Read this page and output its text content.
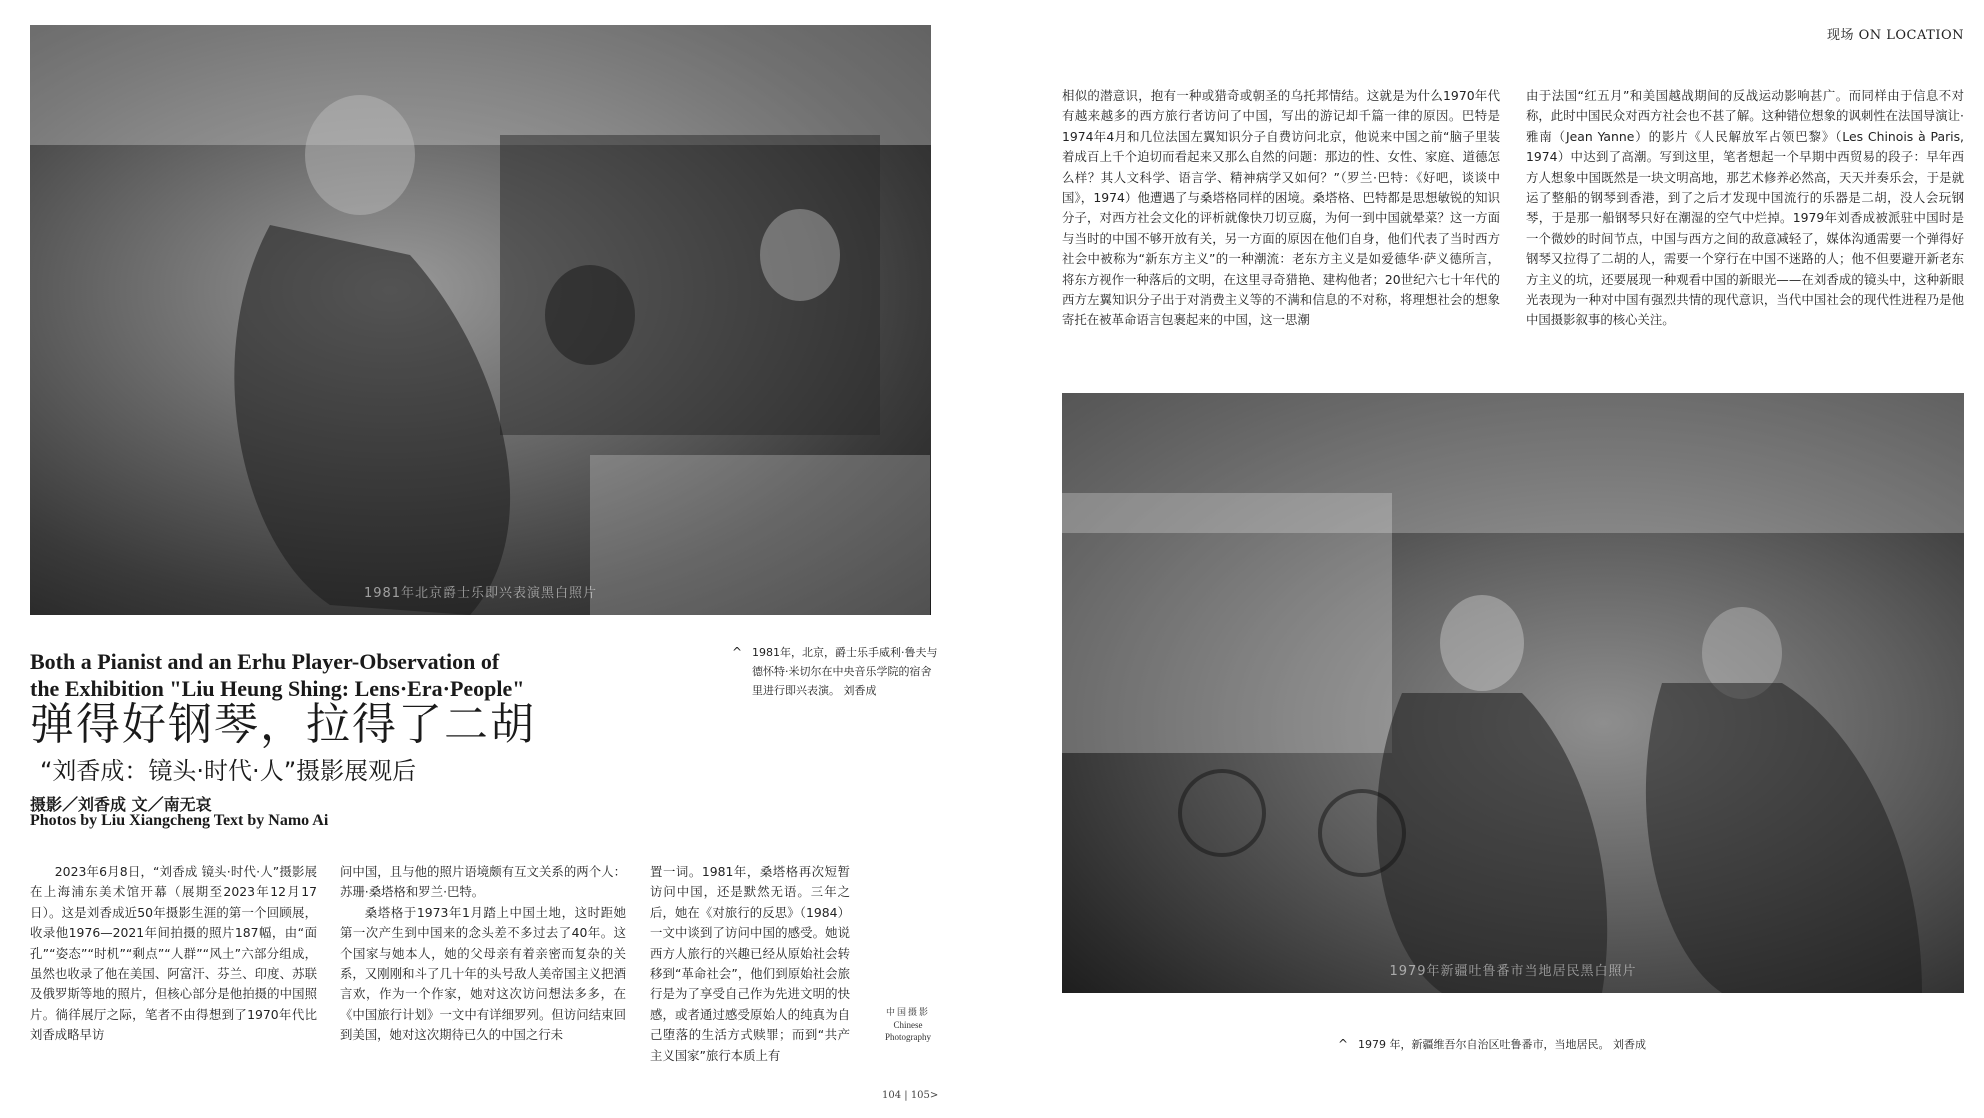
1981年北京爵士乐即兴表演黑白照片
现场 ON LOCATION

相似的潜意识，抱有一种或猎奇或朝圣的乌托邦情结。这就是为什么1970年代有越来越多的西方旅行者访问了中国，写出的游记却千篇一律的原因。巴特是1974年4月和几位法国左翼知识分子自费访问北京，他说来中国之前“脑子里装着成百上千个迫切而看起来又那么自然的问题：那边的性、女性、家庭、道德怎么样？其人文科学、语言学、精神病学又如何？”（罗兰·巴特：《好吧，谈谈中国》，1974）他遭遇了与桑塔格同样的困境。桑塔格、巴特都是思想敏锐的知识分子，对西方社会文化的评析就像快刀切豆腐，为何一到中国就晕菜？这一方面与当时的中国不够开放有关，另一方面的原因在他们自身，他们代表了当时西方社会中被称为“新东方主义”的一种潮流：老东方主义是如爱德华·萨义德所言，将东方视作一种落后的文明，在这里寻奇猎艳、建构他者；20世纪六七十年代的西方左翼知识分子出于对消费主义等的不满和信息的不对称，将理想社会的想象寄托在被革命语言包裹起来的中国，这一思潮

由于法国“红五月”和美国越战期间的反战运动影响甚广。而同样由于信息不对称，此时中国民众对西方社会也不甚了解。这种错位想象的讽刺性在法国导演让·雅南（Jean Yanne）的影片《人民解放军占领巴黎》（Les Chinois à Paris, 1974）中达到了高潮。写到这里，笔者想起一个早期中西贸易的段子：早年西方人想象中国既然是一块文明高地，那艺术修养必然高，天天并奏乐会，于是就运了整船的钢琴到香港，到了之后才发现中国流行的乐器是二胡，没人会玩钢琴，于是那一船钢琴只好在潮湿的空气中烂掉。1979年刘香成被派驻中国时是一个微妙的时间节点，中国与西方之间的敌意减轻了，媒体沟通需要一个弹得好钢琴又拉得了二胡的人，需要一个穿行在中国不迷路的人；他不但要避开新老东方主义的坑，还要展现一种观看中国的新眼光——在刘香成的镜头中，这种新眼光表现为一种对中国有强烈共情的现代意识，当代中国社会的现代性进程乃是他中国摄影叙事的核心关注。

1979年新疆吐鲁番市当地居民黑白照片
Both a Pianist and an Erhu Player-Observation of
the Exhibition "Liu Heung Shing: Lens·Era·People"
弹得好钢琴，拉得了二胡
“刘香成：镜头·时代·人”摄影展观后
摄影／刘香成 文／南无哀
Photos by Liu Xiangcheng Text by Namo Ai
^ 1981年，北京，爵士乐手威利·鲁夫与
德怀特·米切尔在中央音乐学院的宿舍
里进行即兴表演。 刘香成

2023年6月8日，“刘香成 镜头·时代·人”摄影展在上海浦东美术馆开幕（展期至2023年12月17日）。这是刘香成近50年摄影生涯的第一个回顾展，收录他1976—2021年间拍摄的照片187幅，由“面孔”“姿态”“时机”“剩点”“人群”“风土”六部分组成，虽然也收录了他在美国、阿富汗、芬兰、印度、苏联及俄罗斯等地的照片，但核心部分是他拍摄的中国照片。徜徉展厅之际，笔者不由得想到了1970年代比刘香成略早访

问中国，且与他的照片语境颇有互文关系的两个人：苏珊·桑塔格和罗兰·巴特。

桑塔格于1973年1月踏上中国土地，这时距她第一次产生到中国来的念头差不多过去了40年。这个国家与她本人，她的父母亲有着亲密而复杂的关系，又刚刚和斗了几十年的头号敌人美帝国主义把酒言欢，作为一个作家，她对这次访问想法多多，在《中国旅行计划》一文中有详细罗列。但访问结束回到美国，她对这次期待已久的中国之行未

置一词。1981年，桑塔格再次短暂访问中国，还是默然无语。三年之后，她在《对旅行的反思》（1984）一文中谈到了访问中国的感受。她说西方人旅行的兴趣已经从原始社会转移到“革命社会”，他们到原始社会旅行是为了享受自己作为先进文明的快感，或者通过感受原始人的纯真为自己堕落的生活方式赎罪；而到“共产主义国家”旅行本质上有

中国摄影
Chinese
Photography	^ 1979 年，新疆维吾尔自治区吐鲁番市，当地居民。 刘香成
104 | 105>
